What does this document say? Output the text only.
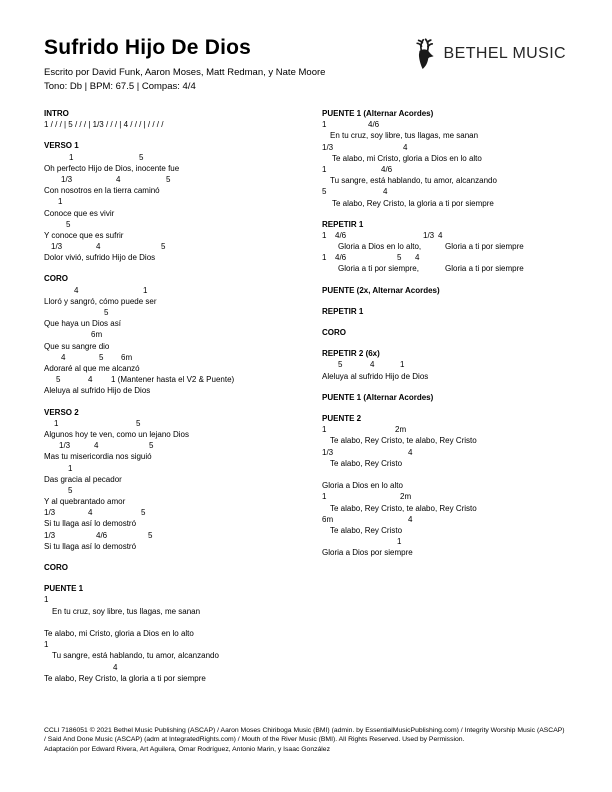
Sufrido Hijo De Dios
Escrito por David Funk, Aaron Moses, Matt Redman, y Nate Moore
Tono: Db | BPM: 67.5 | Compas: 4/4
BETHEL MUSIC
INTRO
1 / / / | 5 / / / | 1/3 / / / | 4 / / / | / / / /
VERSO 1
1	5
Oh perfecto Hijo de Dios, inocente fue
1/3	4	5
Con nosotros en la tierra caminó
1
Conoce que es vivir
5
Y conoce que es sufrir
1/3	4	5
Dolor vivió, sufrido Hijo de Dios
CORO
4	1
Lloró y sangró, cómo puede ser
5
Que haya un Dios así
6m
Que su sangre dio
4	5 6m
Adoraré al que me alcanzó
5	4 1 (Mantener hasta el V2 & Puente)
Aleluya al sufrido Hijo de Dios
VERSO 2
1	5
Algunos hoy te ven, como un lejano Dios
1/3	4	5
Mas tu misericordia nos siguió
1
Das gracia al pecador
5
Y al quebrantado amor
1/3	4	5
Si tu llaga así lo demostró
1/3	4/6	5
Si tu llaga así lo demostró
CORO
PUENTE 1
1
En tu cruz, soy libre, tus llagas, me sanan
Te alabo, mi Cristo, gloria a Dios en lo alto
1
Tu sangre, está hablando, tu amor, alcanzando
4
Te alabo, Rey Cristo, la gloria a ti por siempre
PUENTE 1 (Alternar Acordes)
1	4/6
En tu cruz, soy libre, tus llagas, me sanan
1/3	4
Te alabo, mi Cristo, gloria a Dios en lo alto
1	4/6
Tu sangre, está hablando, tu amor, alcanzando
5	4
Te alabo, Rey Cristo, la gloria a ti por siempre
REPETIR 1
1 4/6	1/3 4
Gloria a Dios en lo alto,	Gloria a ti por siempre
1 4/6	5 4
Gloria a ti por siempre,	Gloria a ti por siempre
PUENTE (2x, Alternar Acordes)
REPETIR 1
CORO
REPETIR 2 (6x)
5	4	1
Aleluya al sufrido Hijo de Dios
PUENTE 1 (Alternar Acordes)
PUENTE 2
1	2m
Te alabo, Rey Cristo, te alabo, Rey Cristo
1/3	4
Te alabo, Rey Cristo
Gloria a Dios en lo alto
1	2m
Te alabo, Rey Cristo, te alabo, Rey Cristo
6m	4
Te alabo, Rey Cristo
1
Gloria a Dios por siempre
CCLI 7186051 © 2021 Bethel Music Publishing (ASCAP) / Aaron Moses Chiriboga Music (BMI) (admin. by EssentialMusicPublishing.com) / Integrity Worship Music (ASCAP)
/ Said And Done Music (ASCAP) (adm at IntegratedRights.com) / Mouth of the River Music (BMI). All Rights Reserved. Used by Permission.
Adaptación por Edward Rivera, Art Aguilera, Omar Rodríguez, Antonio Marin, y Isaac González
